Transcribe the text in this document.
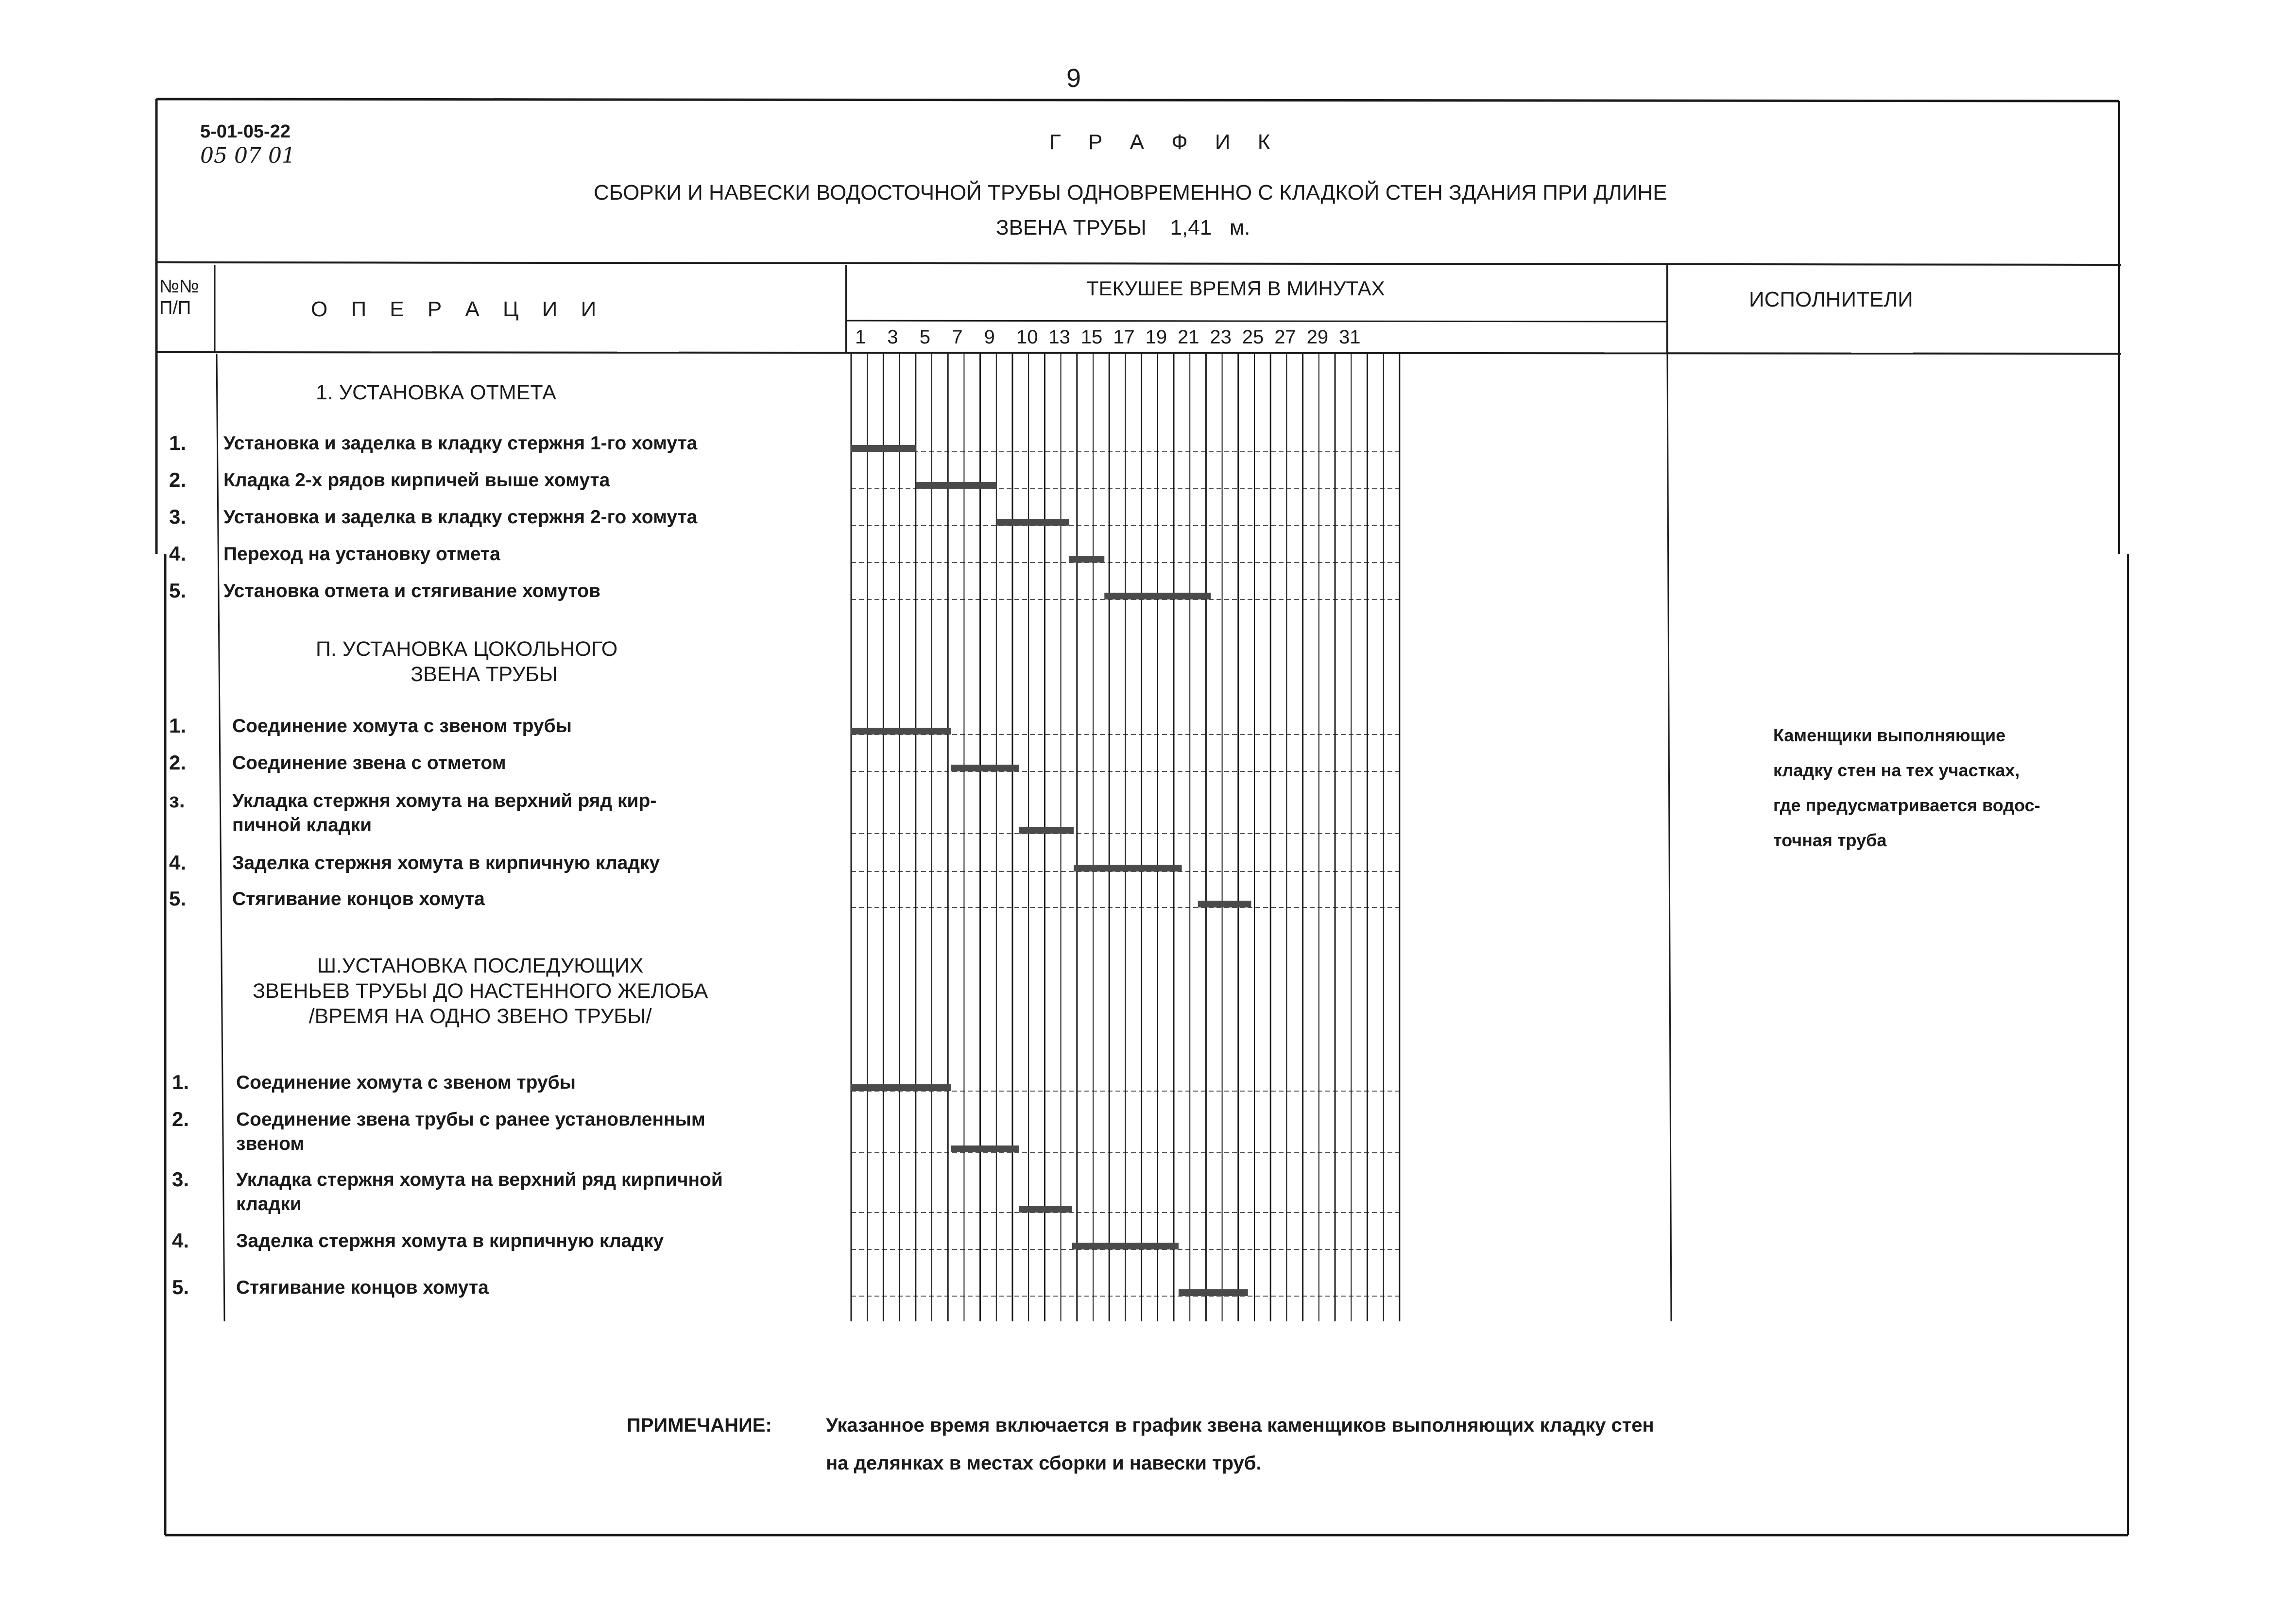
9
5-01-05-22
05 07 01
Г Р А Ф И К
СБОРКИ И НАВЕСКИ ВОДОСТОЧНОЙ ТРУБЫ ОДНОВРЕМЕННО С КЛАДКОЙ СТЕН ЗДАНИЯ ПРИ ДЛИНЕ
ЗВЕНА ТРУБЫ    1,41   м.
№№
П/П	О П Е Р А Ц И И
ТЕКУШЕЕ ВРЕМЯ В МИНУТАХ	ИСПОЛНИТЕЛИ
1 3 5 7 9 10 13 15 17 19 21 23 25 27 29 31
1. УСТАНОВКА ОТМЕТА
1. Установка и заделка в кладку стержня 1-го хомута
2. Кладка 2-х рядов кирпичей выше хомута
3. Установка и заделка в кладку стержня 2-го хомута
4. Переход на установку отмета
5. Установка отмета и стягивание хомутов
П. УСТАНОВКА ЦОКОЛЬНОГО
ЗВЕНА ТРУБЫ
1. Соединение хомута с звеном трубы
2. Соединение звена с отметом
з. Укладка стержня хомута на верхний ряд кир-
пичной кладки
4. Заделка стержня хомута в кирпичную кладку
5. Стягивание концов хомута
Ш.УСТАНОВКА ПОСЛЕДУЮЩИХ
ЗВЕНЬЕВ ТРУБЫ ДО НАСТЕННОГО ЖЕЛОБА
/ВРЕМЯ НА ОДНО ЗВЕНО ТРУБЫ/
1. Соединение хомута с звеном трубы
2. Соединение звена трубы с ранее установленным
звеном
3. Укладка стержня хомута на верхний ряд кирпичной
кладки
4. Заделка стержня хомута в кирпичную кладку
5. Стягивание концов хомута
Каменщики выполняющие
кладку стен на тех участках,
где предусматривается водос-
точная труба
ПРИМЕЧАНИЕ:	Указанное время включается в график звена каменщиков выполняющих кладку стен
на делянках в местах сборки и навески труб.
